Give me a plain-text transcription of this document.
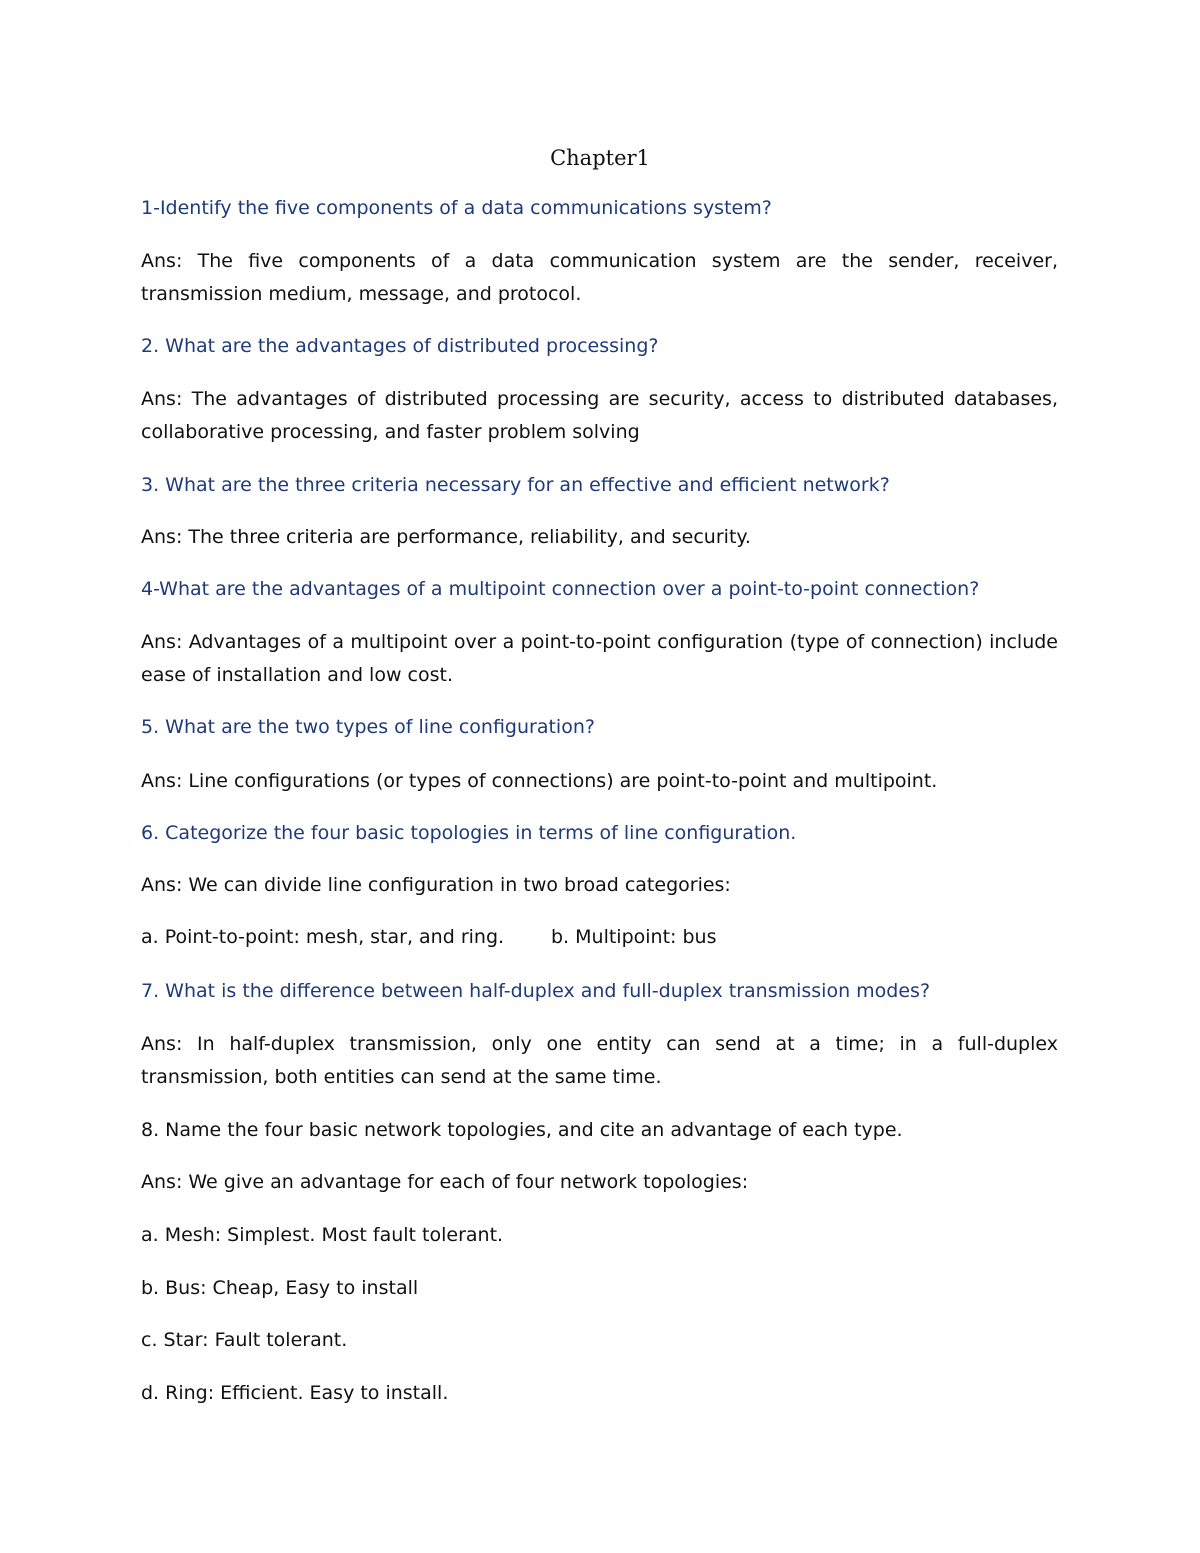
Chapter1

1-Identify the five components of a data communications system?

Ans: The five components of a data communication system are the sender, receiver, transmission medium, message, and protocol.

2. What are the advantages of distributed processing?

Ans: The advantages of distributed processing are security, access to distributed databases, collaborative processing, and faster problem solving

3. What are the three criteria necessary for an effective and efficient network?

Ans: The three criteria are performance, reliability, and security.

4-What are the advantages of a multipoint connection over a point-to-point connection?

Ans: Advantages of a multipoint over a point-to-point configuration (type of connection) include ease of installation and low cost.

5. What are the two types of line configuration?

Ans: Line configurations (or types of connections) are point-to-point and multipoint.

6. Categorize the four basic topologies in terms of line configuration.

Ans: We can divide line configuration in two broad categories:

a. Point-to-point: mesh, star, and ring. b. Multipoint: bus

7. What is the difference between half-duplex and full-duplex transmission modes?

Ans: In half-duplex transmission, only one entity can send at a time; in a full-duplex transmission, both entities can send at the same time.

8. Name the four basic network topologies, and cite an advantage of each type.

Ans: We give an advantage for each of four network topologies:

a. Mesh: Simplest. Most fault tolerant.

b. Bus: Cheap, Easy to install

c. Star: Fault tolerant.

d. Ring: Efficient. Easy to install.
